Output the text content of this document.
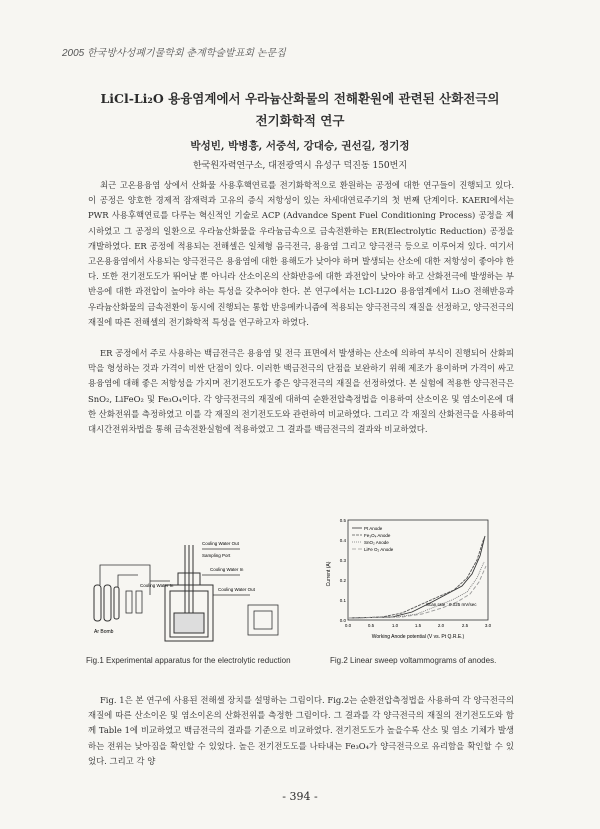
2005 한국방사성폐기물학회 춘계학술발표회 논문집
LiCl-Li₂O 용융염계에서 우라늄산화물의 전해환원에 관련된 산화전극의
전기화학적 연구
박성빈, 박병흥, 서중석, 강대승, 권선길, 정기정
한국원자력연구소, 대전광역시 유성구 덕진동 150번지

최근 고온용융염 상에서 산화물 사용후핵연료를 전기화학적으로 환원하는 공정에 대한 연구들이 진행되고 있다. 이 공정은 양호한 경제적 잠재력과 고유의 증식 저항성이 있는 차세대연료주기의 첫 번째 단계이다. KAERI에서는 PWR 사용후핵연료를 다루는 혁신적인 기술로 ACP (Advandce Spent Fuel Conditioning Process) 공정을 제시하였고 그 공정의 일환으로 우라늄산화물을 우라늄금속으로 금속전환하는 ER(Electrolytic Reduction) 공정을 개발하였다. ER 공정에 적용되는 전해셀은 일체형 음극전극, 용융염 그리고 양극전극 등으로 이루어져 있다. 여기서 고온용융염에서 사용되는 양극전극은 용융염에 대한 용해도가 낮아야 하며 발생되는 산소에 대한 저항성이 좋아야 한다. 또한 전기전도도가 뛰어날 뿐 아니라 산소이온의 산화반응에 대한 과전압이 낮아야 하고 산화전극에 발생하는 부반응에 대한 과전압이 높아야 하는 특성을 갖추어야 한다. 본 연구에서는 LCl-Li2O 용융염계에서 Li₂O 전해반응과 우라늄산화물의 금속전환이 동시에 진행되는 통합 반응메카니즘에 적용되는 양극전극의 재질을 선정하고, 양극전극의 재질에 따른 전해셀의 전기화학적 특성을 연구하고자 하였다.

ER 공정에서 주로 사용하는 백금전극은 용융염 및 전극 표면에서 발생하는 산소에 의하여 부식이 진행되어 산화피막을 형성하는 것과 가격이 비싼 단점이 있다. 이러한 백금전극의 단점을 보완하기 위해 제조가 용이하며 가격이 싸고 용융염에 대해 좋은 저항성을 가지며 전기전도도가 좋은 양극전극의 재질을 선정하였다. 본 실험에 적용한 양극전극은 SnO₂, LiFeO₂ 및 Fe₃O₄이다. 각 양극전극의 재질에 대하여 순환전압측정법을 이용하여 산소이온 및 염소이온에 대한 산화전위를 측정하였고 이를 각 재질의 전기전도도와 관련하여 비교하였다. 그리고 각 재질의 산화전극을 사용하여 대시간전위차법을 통해 금속전환실험에 적용하였고 그 결과를 백금전극의 결과와 비교하였다.

Ar Bomb
Cooling Water Out
Sampling Port
Cooling Water In
Cooling Water Out
Cooling Water In
0.5
0.4
0.3
0.2
0.1
0.0
0.0	0.5	1.0	1.5	2.0	2.5	3.0
Current (A)
Working Anode potential (V vs. Pt Q.R.E.)
Pt Anode
Fe₃O₄ Anode
SnO₂ Anode
LiFe O₂ Anode
Scan rate : 0.025 mV/sec
Fig.1 Experimental apparatus for the electrolytic reduction	Fig.2 Linear sweep voltammograms of anodes.

Fig. 1은 본 연구에 사용된 전해셀 장치를 설명하는 그림이다. Fig.2는 순환전압측정법을 사용하여 각 양극전극의 재질에 따른 산소이온 및 염소이온의 산화전위를 측정한 그림이다. 그 결과를 각 양극전극의 재질의 전기전도도와 함께 Table 1에 비교하였고 백금전극의 결과를 기준으로 비교하였다. 전기전도도가 높을수록 산소 및 염소 기체가 발생하는 전위는 낮아짐을 확인할 수 있었다. 높은 전기전도도를 나타내는 Fe₃O₄가 양극전극으로 유리함을 확인할 수 있었다. 그리고 각 양

- 394 -
